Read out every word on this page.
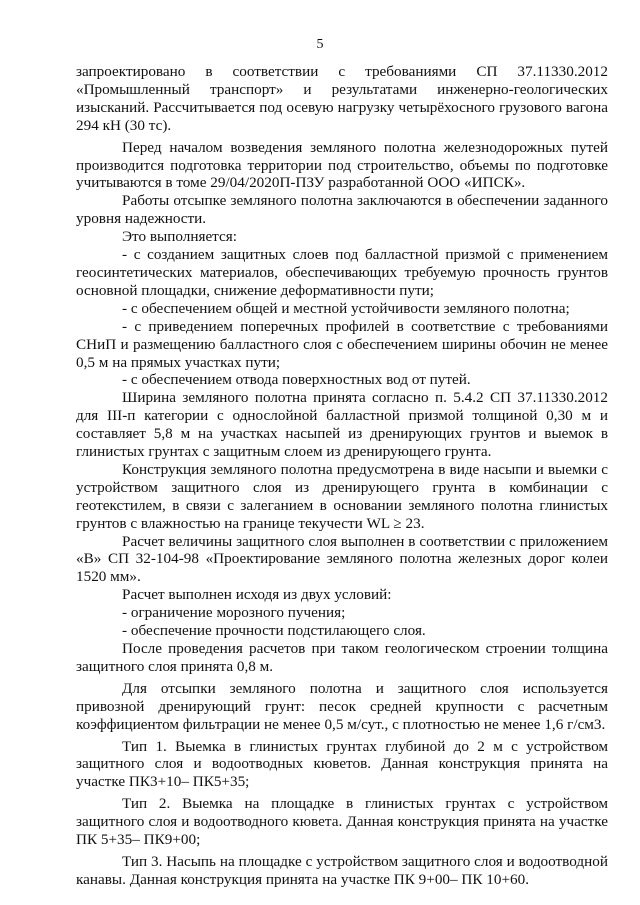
5

запроектировано в соответствии с требованиями СП 37.11330.2012 «Промышленный транспорт» и результатами инженерно-геологических изысканий. Рассчитывается под осевую нагрузку четырёхосного грузового вагона 294 кН (30 тс).

Перед началом возведения земляного полотна железнодорожных путей производится подготовка территории под строительство, объемы по подготовке учитываются в томе 29/04/2020П-ПЗУ разработанной ООО «ИПСК».

Работы отсыпке земляного полотна заключаются в обеспечении заданного уровня надежности.

Это выполняется:

- с созданием защитных слоев под балластной призмой с применением геосинтетических материалов, обеспечивающих требуемую прочность грунтов основной площадки, снижение деформативности пути;

- с обеспечением общей и местной устойчивости земляного полотна;

- с приведением поперечных профилей в соответствие с требованиями СНиП и размещению балластного слоя с обеспечением ширины обочин не менее 0,5 м на прямых участках пути;

- с обеспечением отвода поверхностных вод от путей.

Ширина земляного полотна принята согласно п. 5.4.2 СП 37.11330.2012 для III-п категории с однослойной балластной призмой толщиной 0,30 м и составляет 5,8 м на участках насыпей из дренирующих грунтов и выемок в глинистых грунтах с защитным слоем из дренирующего грунта.

Конструкция земляного полотна предусмотрена в виде насыпи и выемки с устройством защитного слоя из дренирующего грунта в комбинации с геотекстилем, в связи с залеганием в основании земляного полотна глинистых грунтов с влажностью на границе текучести WL ≥ 23.

Расчет величины защитного слоя выполнен в соответствии с приложением «В» СП 32-104-98 «Проектирование земляного полотна железных дорог колеи 1520 мм».

Расчет выполнен исходя из двух условий:

- ограничение морозного пучения;

- обеспечение прочности подстилающего слоя.

После проведения расчетов при таком геологическом строении толщина защитного слоя принята 0,8 м.

Для отсыпки земляного полотна и защитного слоя используется привозной дренирующий грунт: песок средней крупности с расчетным коэффициентом фильтрации не менее 0,5 м/сут., с плотностью не менее 1,6 г/см3.

Тип 1. Выемка в глинистых грунтах глубиной до 2 м с устройством защитного слоя и водоотводных кюветов. Данная конструкция принята на участке ПК3+10– ПК5+35;

Тип 2. Выемка на площадке в глинистых грунтах с устройством защитного слоя и водоотводного кювета. Данная конструкция принята на участке ПК 5+35– ПК9+00;

Тип 3. Насыпь на площадке с устройством защитного слоя и водоотводной канавы. Данная конструкция принята на участке ПК 9+00– ПК 10+60.
